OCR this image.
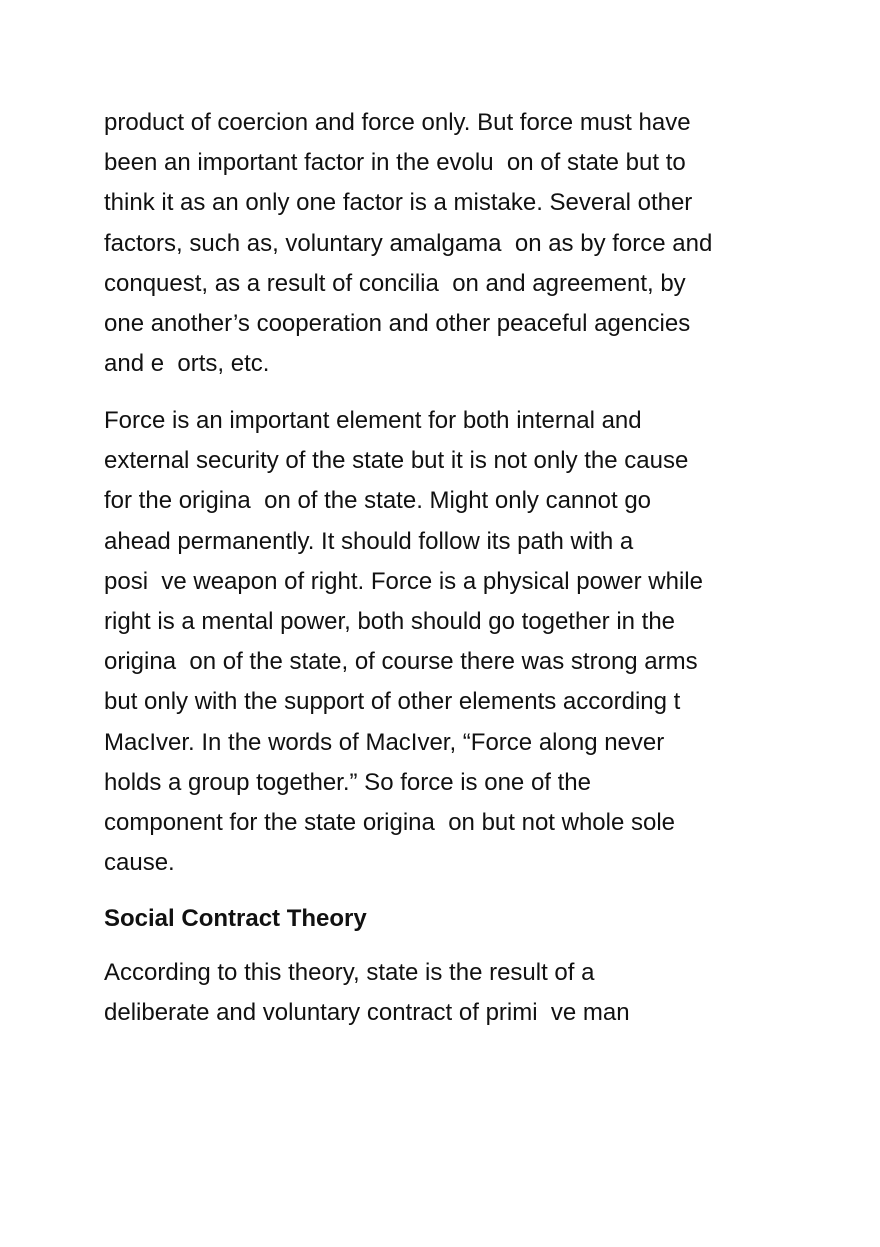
product of coercion and force only. But force must have
been an important factor in the evolu  on of state but to
think it as an only one factor is a mistake. Several other
factors, such as, voluntary amalgama  on as by force and
conquest, as a result of concilia  on and agreement, by
one another’s cooperation and other peaceful agencies
and e  orts, etc.
Force is an important element for both internal and
external security of the state but it is not only the cause
for the origina  on of the state. Might only cannot go
ahead permanently. It should follow its path with a
posi  ve weapon of right. Force is a physical power while
right is a mental power, both should go together in the
origina  on of the state, of course there was strong arms
but only with the support of other elements according t
MacIver. In the words of MacIver, “Force along never
holds a group together.” So force is one of the
component for the state origina  on but not whole sole
cause.
Social Contract Theory
According to this theory, state is the result of a
deliberate and voluntary contract of primi  ve man
